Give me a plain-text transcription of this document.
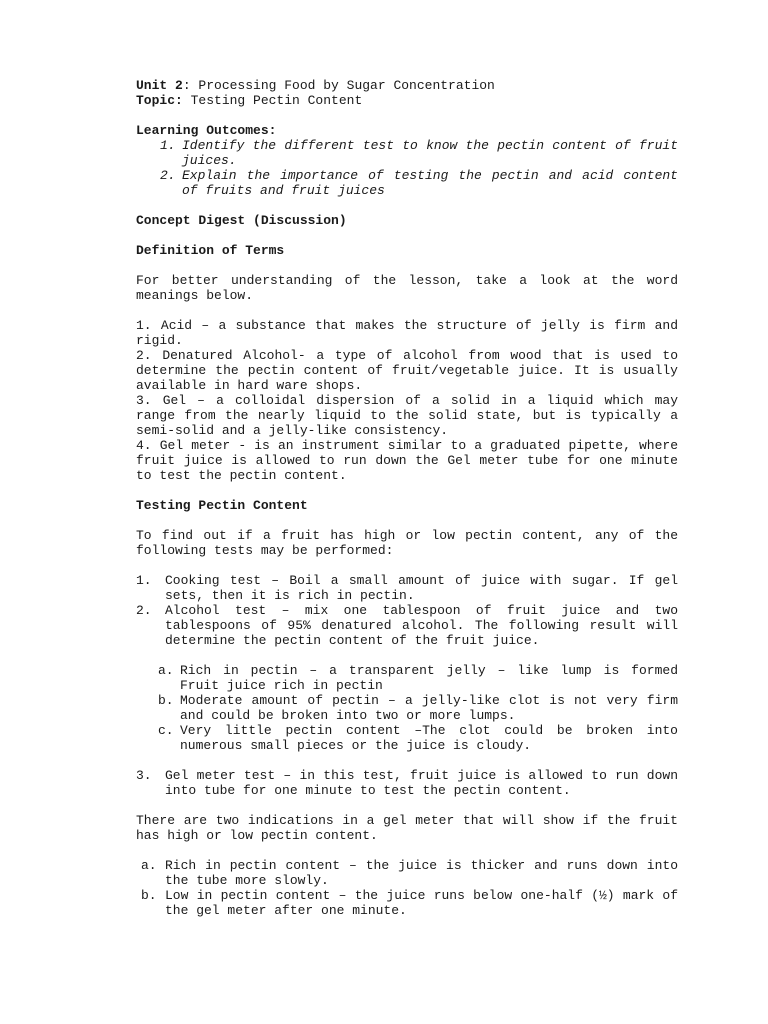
Unit 2: Processing Food by Sugar Concentration
Topic: Testing Pectin Content
Learning Outcomes:
1. Identify the different test to know the pectin content of fruit juices.
2. Explain the importance of testing the pectin and acid content of fruits and fruit juices
Concept Digest (Discussion)
Definition of Terms

For better understanding of the lesson, take a look at the word meanings below.

1. Acid – a substance that makes the structure of jelly is firm and rigid.

2. Denatured Alcohol- a type of alcohol from wood that is used to determine the pectin content of fruit/vegetable juice. It is usually available in hard ware shops.

3. Gel – a colloidal dispersion of a solid in a liquid which may range from the nearly liquid to the solid state, but is typically a semi-solid and a jelly-like consistency.

4. Gel meter - is an instrument similar to a graduated pipette, where fruit juice is allowed to run down the Gel meter tube for one minute to test the pectin content.

Testing Pectin Content

To find out if a fruit has high or low pectin content, any of the following tests may be performed:

1.	Cooking test – Boil a small amount of juice with sugar. If gel sets, then it is rich in pectin.
2.	Alcohol test – mix one tablespoon of fruit juice and two tablespoons of 95% denatured alcohol. The following result will determine the pectin content of the fruit juice.
a. Rich in pectin – a transparent jelly – like lump is formed Fruit juice rich in pectin
b. Moderate amount of pectin – a jelly-like clot is not very firm and could be broken into two or more lumps.
c. Very little pectin content –The clot could be broken into numerous small pieces or the juice is cloudy.
3.	Gel meter test – in this test, fruit juice is allowed to run down into tube for one minute to test the pectin content.

There are two indications in a gel meter that will show if the fruit has high or low pectin content.

a. Rich in pectin content – the juice is thicker and runs down into the tube more slowly.
b. Low in pectin content – the juice runs below one-half (½) mark of the gel meter after one minute.
